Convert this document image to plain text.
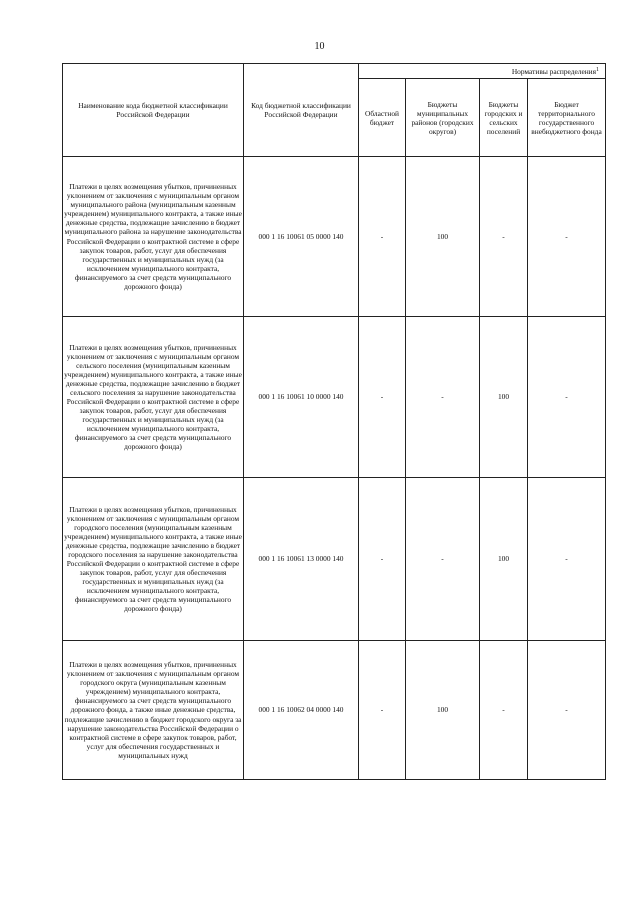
10
Наименование кода бюджетной классификации Российской Федерации	Код бюджетной классификации Российской Федерации	Нормативы распределения$^1$
		Областной бюджет	Бюджеты муниципальных районов (городских округов)	Бюджеты городских и сельских поселений	Бюджет территориального государственного внебюджетного фонда
Платежи в целях возмещения убытков, причиненных уклонением от заключения с муниципальным органом муниципального района (муниципальным казенным учреждением) муниципального контракта, а также иные денежные средства, подлежащие зачислению в бюджет муниципального района за нарушение законодательства Российской Федерации о контрактной системе в сфере закупок товаров, работ, услуг для обеспечения государственных и муниципальных нужд (за исключением муниципального контракта, финансируемого за счет средств муниципального дорожного фонда)	000 1 16 10061 05 0000 140	-	100	-	-
Платежи в целях возмещения убытков, причиненных уклонением от заключения с муниципальным органом сельского поселения (муниципальным казенным учреждением) муниципального контракта, а также иные денежные средства, подлежащие зачислению в бюджет сельского поселения за нарушение законодательства Российской Федерации о контрактной системе в сфере закупок товаров, работ, услуг для обеспечения государственных и муниципальных нужд (за исключением муниципального контракта, финансируемого за счет средств муниципального дорожного фонда)	000 1 16 10061 10 0000 140	-	-	100	-
Платежи в целях возмещения убытков, причиненных уклонением от заключения с муниципальным органом городского поселения (муниципальным казенным учреждением) муниципального контракта, а также иные денежные средства, подлежащие зачислению в бюджет городского поселения за нарушение законодательства Российской Федерации о контрактной системе в сфере закупок товаров, работ, услуг для обеспечения государственных и муниципальных нужд (за исключением муниципального контракта, финансируемого за счет средств муниципального дорожного фонда)	000 1 16 10061 13 0000 140	-	-	100	-
Платежи в целях возмещения убытков, причиненных уклонением от заключения с муниципальным органом городского округа (муниципальным казенным учреждением) муниципального контракта, финансируемого за счет средств муниципального дорожного фонда, а также иные денежные средства, подлежащие зачислению в бюджет городского округа за нарушение законодательства Российской Федерации о контрактной системе в сфере закупок товаров, работ, услуг для обеспечения государственных и муниципальных нужд	000 1 16 10062 04 0000 140	-	100	-	-
